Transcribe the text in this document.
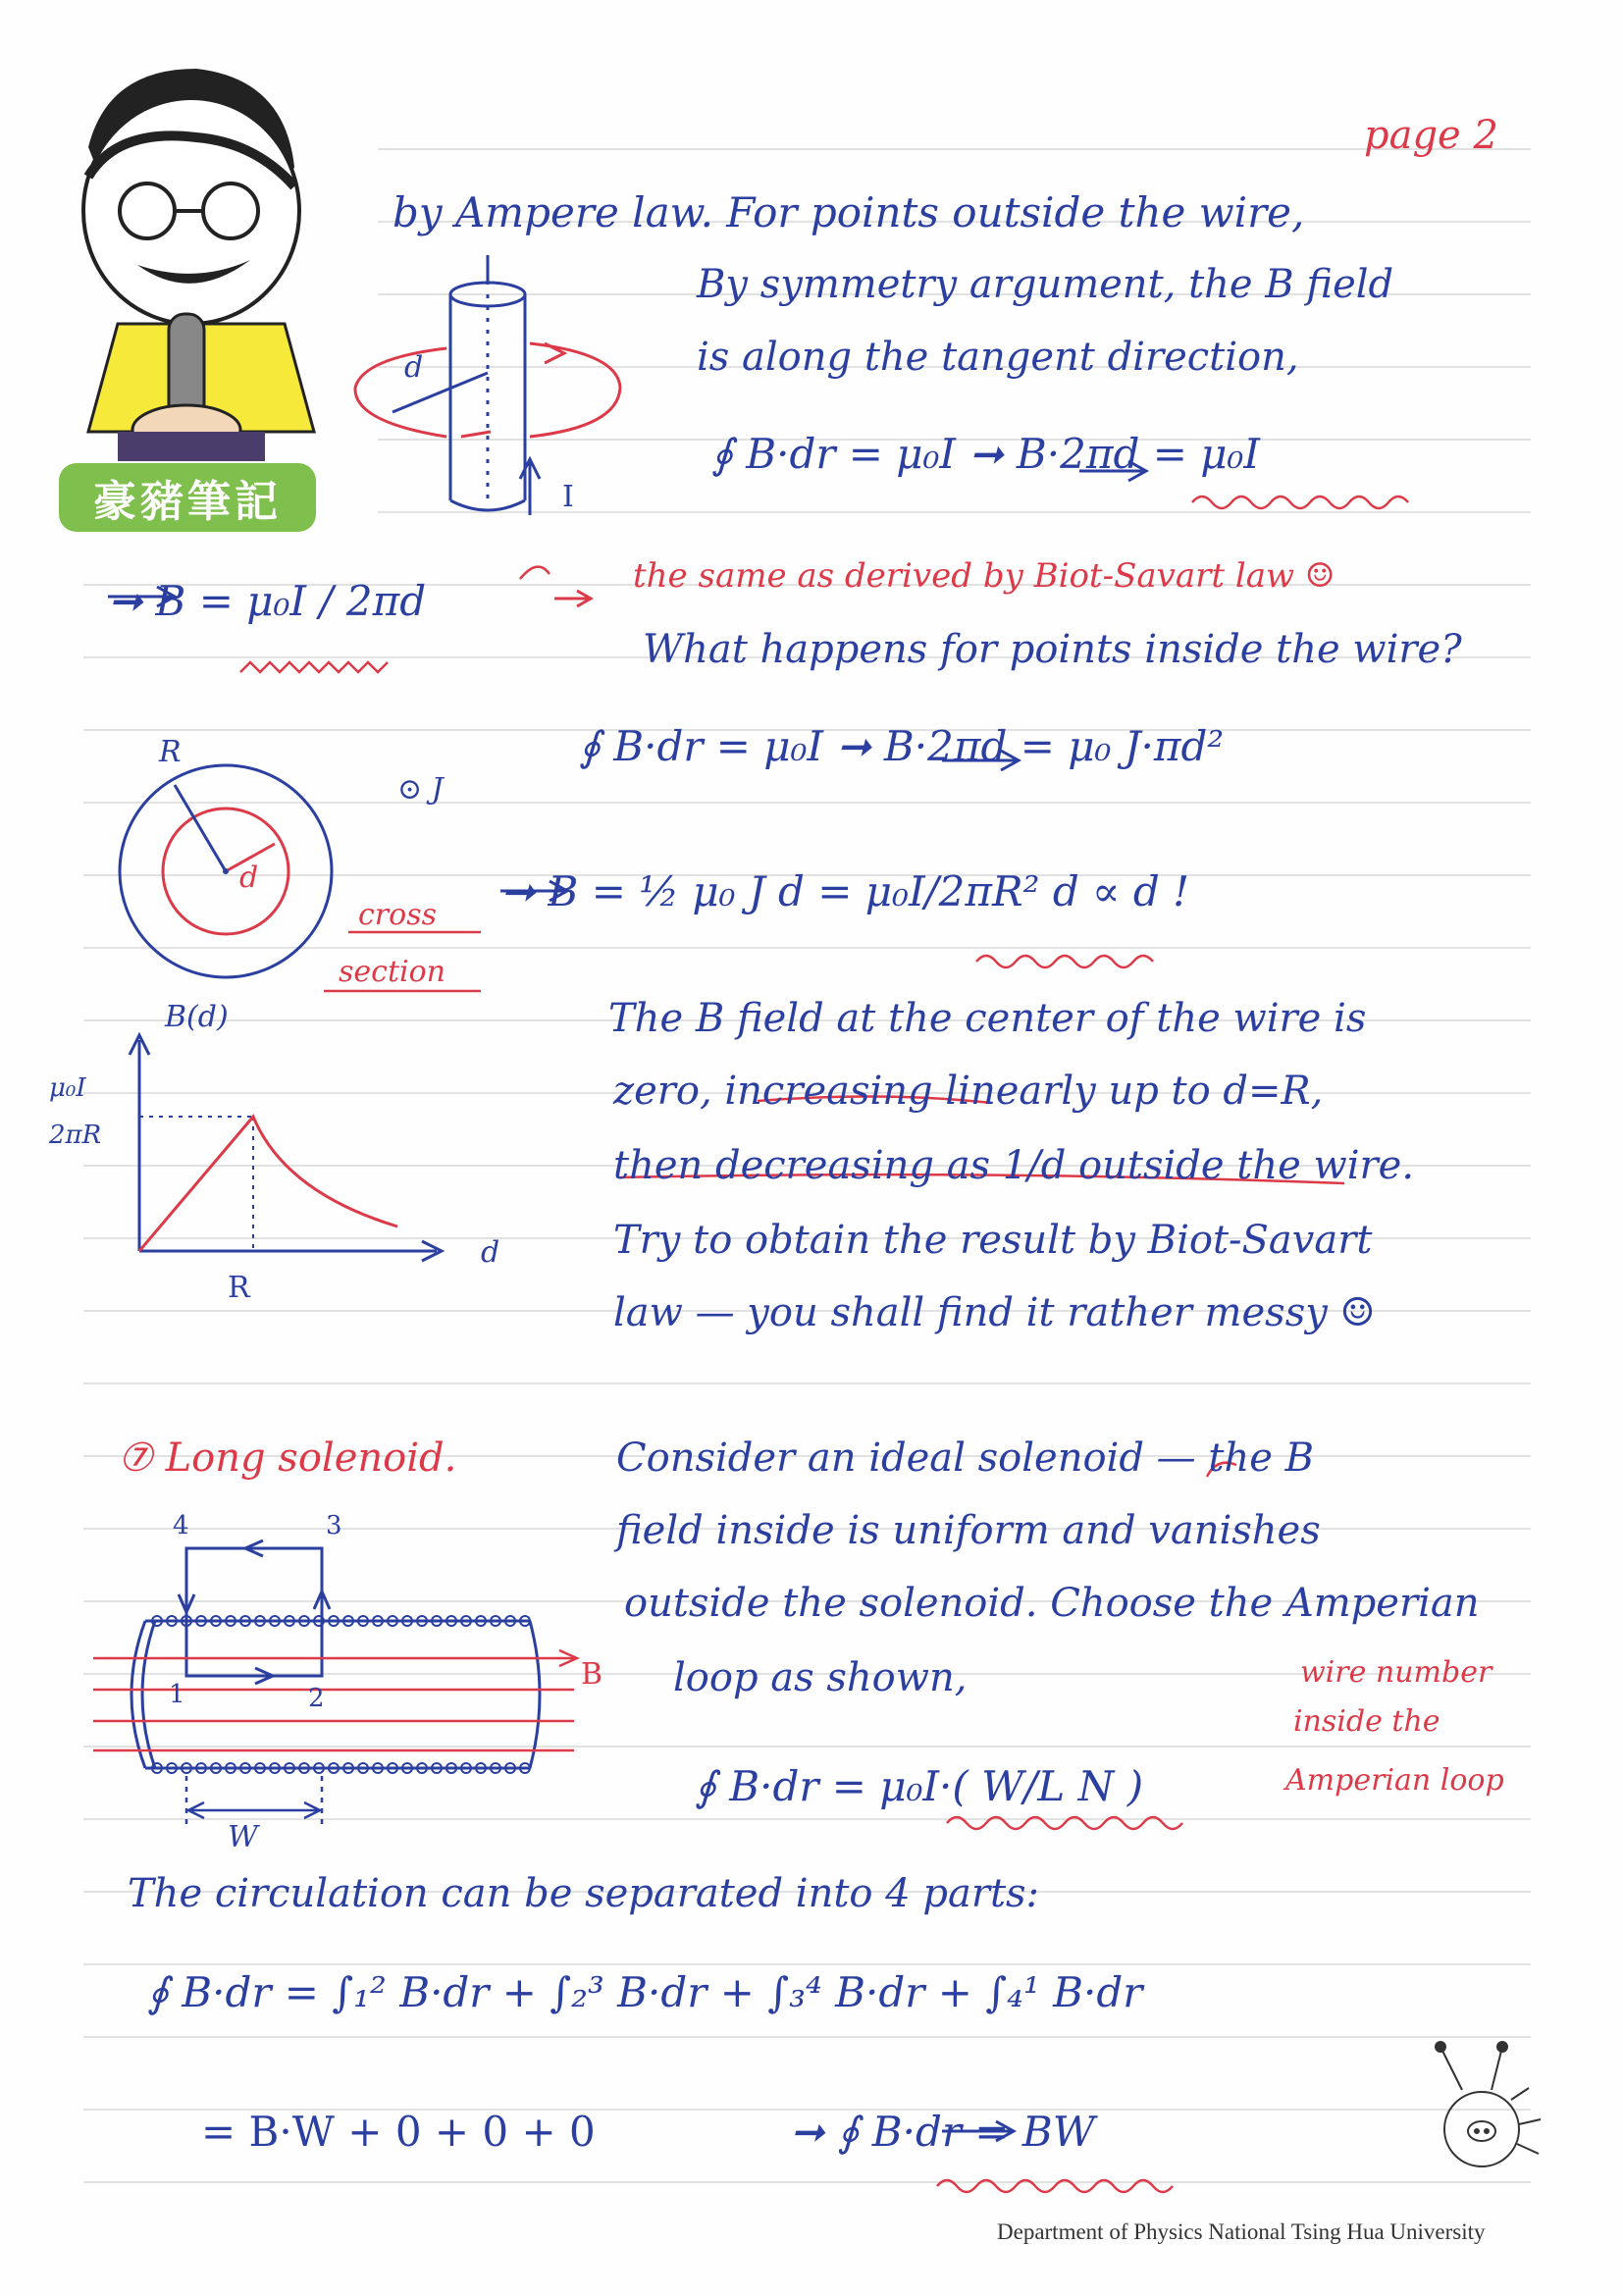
豪豬筆記
page 2
by Ampere law. For points outside the wire,
By symmetry argument, the B field
is along the tangent direction,
∮ B·dr = μ₀I ➞ B·2πd = μ₀I
d
I
➞ B = μ₀I / 2πd
the same as derived by Biot-Savart law ☺
What happens for points inside the wire?
∮ B·dr = μ₀I ➞ B·2πd = μ₀ J·πd²
➞ B = ½ μ₀ J d = μ₀I/2πR² d ∝ d !
R
d
⊙ J
cross
section
B(d)
μ₀I
2πR
d
R
The B field at the center of the wire is
zero, increasing linearly up to d=R,
then decreasing as 1/d outside the wire.
Try to obtain the result by Biot-Savart
law — you shall find it rather messy ☺
⑦ Long solenoid.	Consider an ideal solenoid — the B
field inside is uniform and vanishes
outside the solenoid. Choose the Amperian
loop as shown,
4	3
1	2
B
W
∮ B·dr = μ₀I·( W/L N )
wire number
inside the
Amperian loop
The circulation can be separated into 4 parts:
∮ B·dr = ∫₁² B·dr + ∫₂³ B·dr + ∫₃⁴ B·dr + ∫₄¹ B·dr
= B·W + 0 + 0 + 0	➞ ∮ B·dr = BW
Department of Physics National Tsing Hua University
